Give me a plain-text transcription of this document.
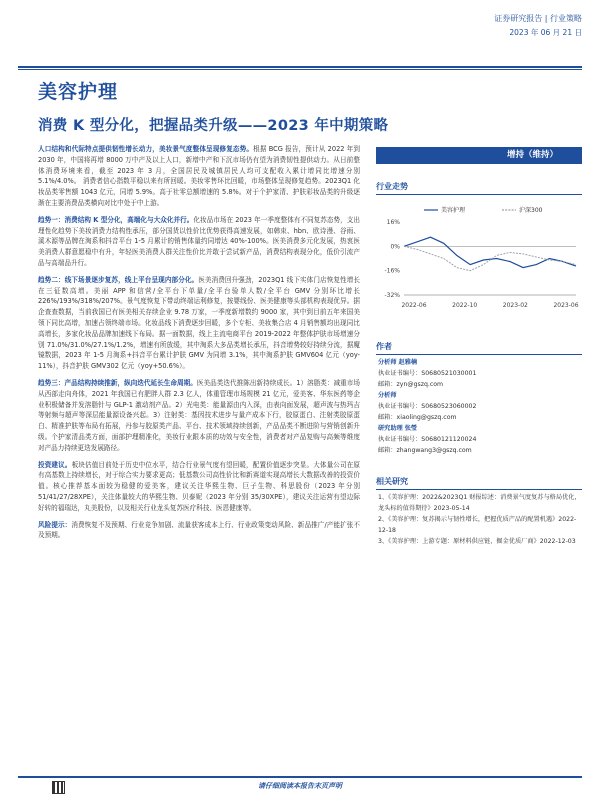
证券研究报告 | 行业策略
2023 年 06 月 21 日
美容护理
消费 K 型分化，把握品类升级——2023 年中期策略

人口结构和代际特点提供韧性增长动力，美妆景气度整体呈现修复态势。根据 BCG 报告，预计从 2022 年到 2030 年，中国将再增 8000 万中产及以上人口，新增中产和下沉市场仍有望为消费韧性提供动力。从日前整体消费环境来看，截至 2023 年 3 月，全国居民及城镇居民人均可支配收入累计增同比增速分别 5.1%/4.0%。 消费者信心指数平稳以来有所回暖。美妆零售环比回暖，市场整体呈现修复趋势。2023Q1 化妆品类零售额 1043 亿元，同增 5.9%。高于社零总额增速的 5.8%。对于个护家清、护肤彩妆品类的升级逐渐在主要消费品类横向对比中处于中上游。

趋势一：消费结构 K 型分化，高端化与大众化并行。化妆品市场在 2023 年一季度整体有不同复苏态势，支出理性化趋势下美妆消费力结构性承压，部分国货以性价比优势获得高速发展，如韩束、hbn、欧诗漫、谷雨、溪木源等品牌在淘系和抖音平台 1-5 月累计的销售体量约同增达 40%-100%。医美消费多元化发展，热衷医美消费人群意愿稳中有升，年轻医美消费人群关注性价比并敢于尝试新产品，消费结构表现分化，低价引流产品与高端品升行。

趋势二：线下场景逐步复苏，线上平台呈现内部分化。医美消费回升强劲，2023Q1 线下实体门店恢复性增长在三征数高增。美丽 APP 和信营/全平台下单量/全平台验单人数/全平台 GMV 分别环比增长 226%/193%/318%/207%。景气度恢复下带动终端运利修复，按婴线份、医美健康等头部机构表现优异。据企查查数据，当前我国已有医美相关存续企业 9.78 万家，一季度新增数约 9000 家，其中到目前五年来国美领下同比高增，加速占领终端市场。化妆品线下消费逐步回暖，多个专柜、美妆集合店 4 月销售额均出现同比高增长，多家化妆品品牌加速线下布局。据一面数据，线上主流电商平台 2019-2022 年整体护肤市场增速分别 71.0%/31.0%/27.1%/1.2%，增速有所放缓，其中淘系大多品类增长承压，抖音增势较好持续分流，据魔镜数据，2023 年 1-5 月淘系+抖音平台累计护肤 GMV 为同增 3.1%，其中淘系护肤 GMV604 亿元（yoy-11%），抖音护肤 GMV302 亿元（yoy+50.6%）。

趋势三：产品结构持续推新，纵向迭代延长生命周期。医美品类迭代推陈出新持续成长。1）溶脂类：减重市场从西部走向舟体，2021 年我国已有肥胖人群 2.3 亿人，体重管理市场规模 21 亿元，爱美客、华东医药等企业积极储备并发溶脂针与 GLP-1 激动剂产品。2）光电类：能量源由内入深，由表向面发展，超声波与热玛吉等射频与超声等深层能量源设备兴起。3）注射类：基因技术进步与量产成本下行，胶原蛋白、注射类胶原蛋白、精准护肤等布局有拓展，丹参与胶原类产品、平台、技术领域持续创新，产品品类不断进阶与营销创新升级。个护家清品类方面，面部护理精准化，美妆行业跟本质的功效与安全性，消费者对产品复购与高频等维度对产品力持续更迭发展路径。

投资建议。板块估值目前处于历史中位水平，结合行业景气度有望回暖，配置价值逐步突显。大体量公司在原有高基数上持续增长，对于综合实力要求更高；低基数公司高性价比和新赛道实现高增长大数据改善的投资价值。核心推荐基本面较为稳健的爱美客，建议关注华熙生物、巨子生物、科思股份（2023 年分别 51/41/27/28XPE），关注体量较大的华熙生物、贝泰妮（2023 年分别 35/30XPE），建议关注运营有望边际好转的福瑞达，丸美股份，以及相关行业龙头复苏医疗科技、医恩健康等。

风险提示：消费恢复不及预期、行业竞争加剧、流量获客成本上行、行业政策变动风险、新品推广/产能扩张不及预期。

增持（维持）
行业走势
美容护理	沪深300
16%
0%
-16%
-32%
2022-06	2022-10	2023-02	2023-06
作者
分析师 赵雅楠
执业证书编号：S0680521030001
邮箱：zyn@gszq.com
分析师
执业证书编号：S0680523060002
邮箱：xiaoling@gszq.com
研究助理 张瑩
执业证书编号：S0680121120024
邮箱：zhangwang3@gszq.com
相关研究
1、《美容护理：2022&2023Q1 财报综述：消费景气度复苏与格局优化，龙头标的值得期待》2023-05-14
2、《美容护理：复苏揭示与韧性增长，把握优质产品的配置机遇》2022-12-18
3、《美容护理：上游专题：原材料供应链，掘金优质厂商》2022-12-03
请仔细阅读本报告末页声明
